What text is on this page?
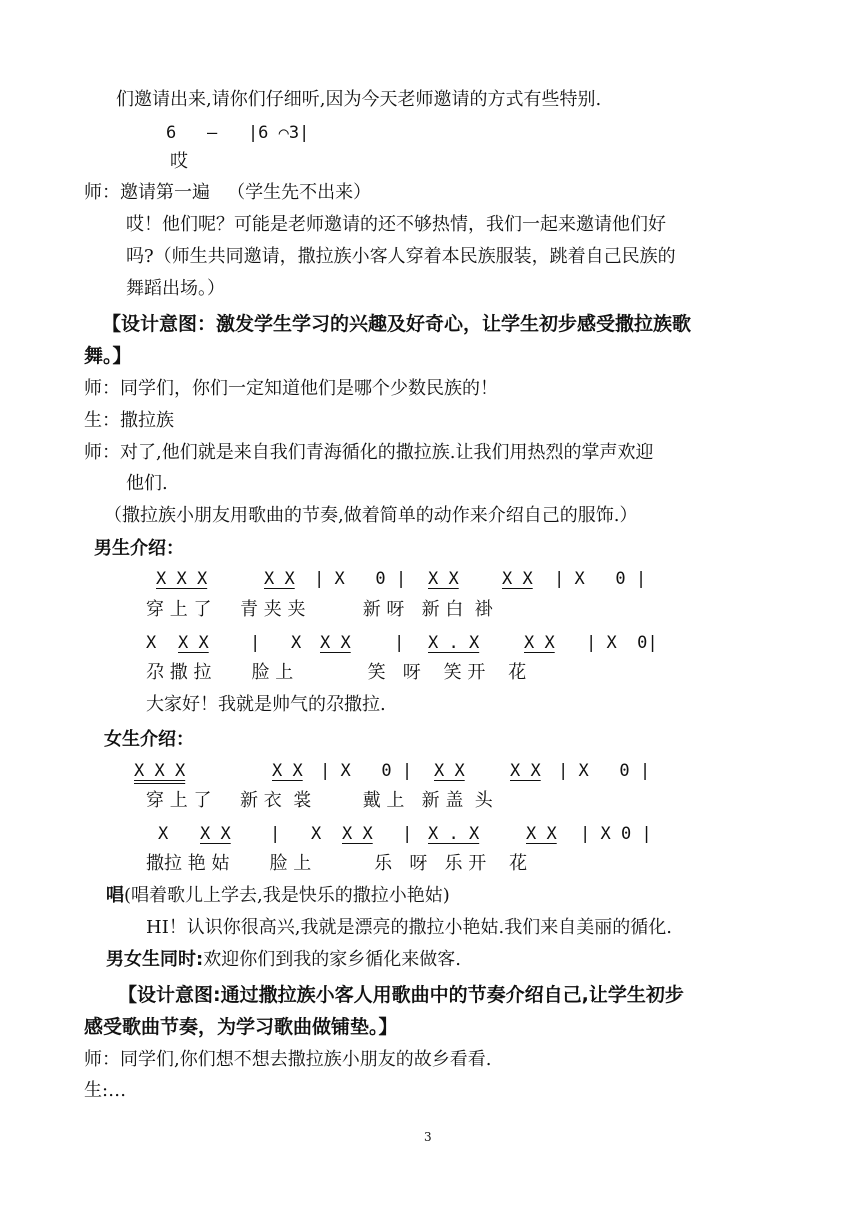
们邀请出来,请你们仔细听,因为今天老师邀请的方式有些特别.
6   —   ∣6 ⌒3∣
哎
师：邀请第一遍   （学生先不出来）
哎！他们呢？可能是老师邀请的还不够热情，我们一起来邀请他们好
吗?（师生共同邀请，撒拉族小客人穿着本民族服装，跳着自己民族的
舞蹈出场。）
【设计意图：激发学生学习的兴趣及好奇心，让学生初步感受撒拉族歌
舞。】
师：同学们，你们一定知道他们是哪个少数民族的！
生：撒拉族
师：对了,他们就是来自我们青海循化的撒拉族.让我们用热烈的掌声欢迎
他们.
（撒拉族小朋友用歌曲的节奏,做着简单的动作来介绍自己的服饰.）
男生介绍：
X X X	X X ∣ X   0 ∣ X X	X X ∣ X   0 ∣
穿 上 了     青 夹 夹          新 呀   新 白  褂
X X X ∣   X X X	∣ X . X	X X ∣ X  0∣
尕 撒 拉       脸 上             笑   呀    笑 开    花
大家好！我就是帅气的尕撒拉.
女生介绍：
X X X	X X ∣ X   0 ∣ X X	X X ∣ X   0 ∣
穿 上 了     新 衣  裳         戴 上   新 盖  头
X X X ∣   X X X ∣ X . X	X X ∣ X 0 ∣
撒拉 艳 姑       脸 上           乐   呀   乐 开    花
唱(唱着歌儿上学去,我是快乐的撒拉小艳姑)
HI！认识你很高兴,我就是漂亮的撒拉小艳姑.我们来自美丽的循化.
男女生同时:欢迎你们到我的家乡循化来做客.
【设计意图:通过撒拉族小客人用歌曲中的节奏介绍自己,让学生初步
感受歌曲节奏，为学习歌曲做铺垫。】
师：同学们,你们想不想去撒拉族小朋友的故乡看看.
生:…
3
